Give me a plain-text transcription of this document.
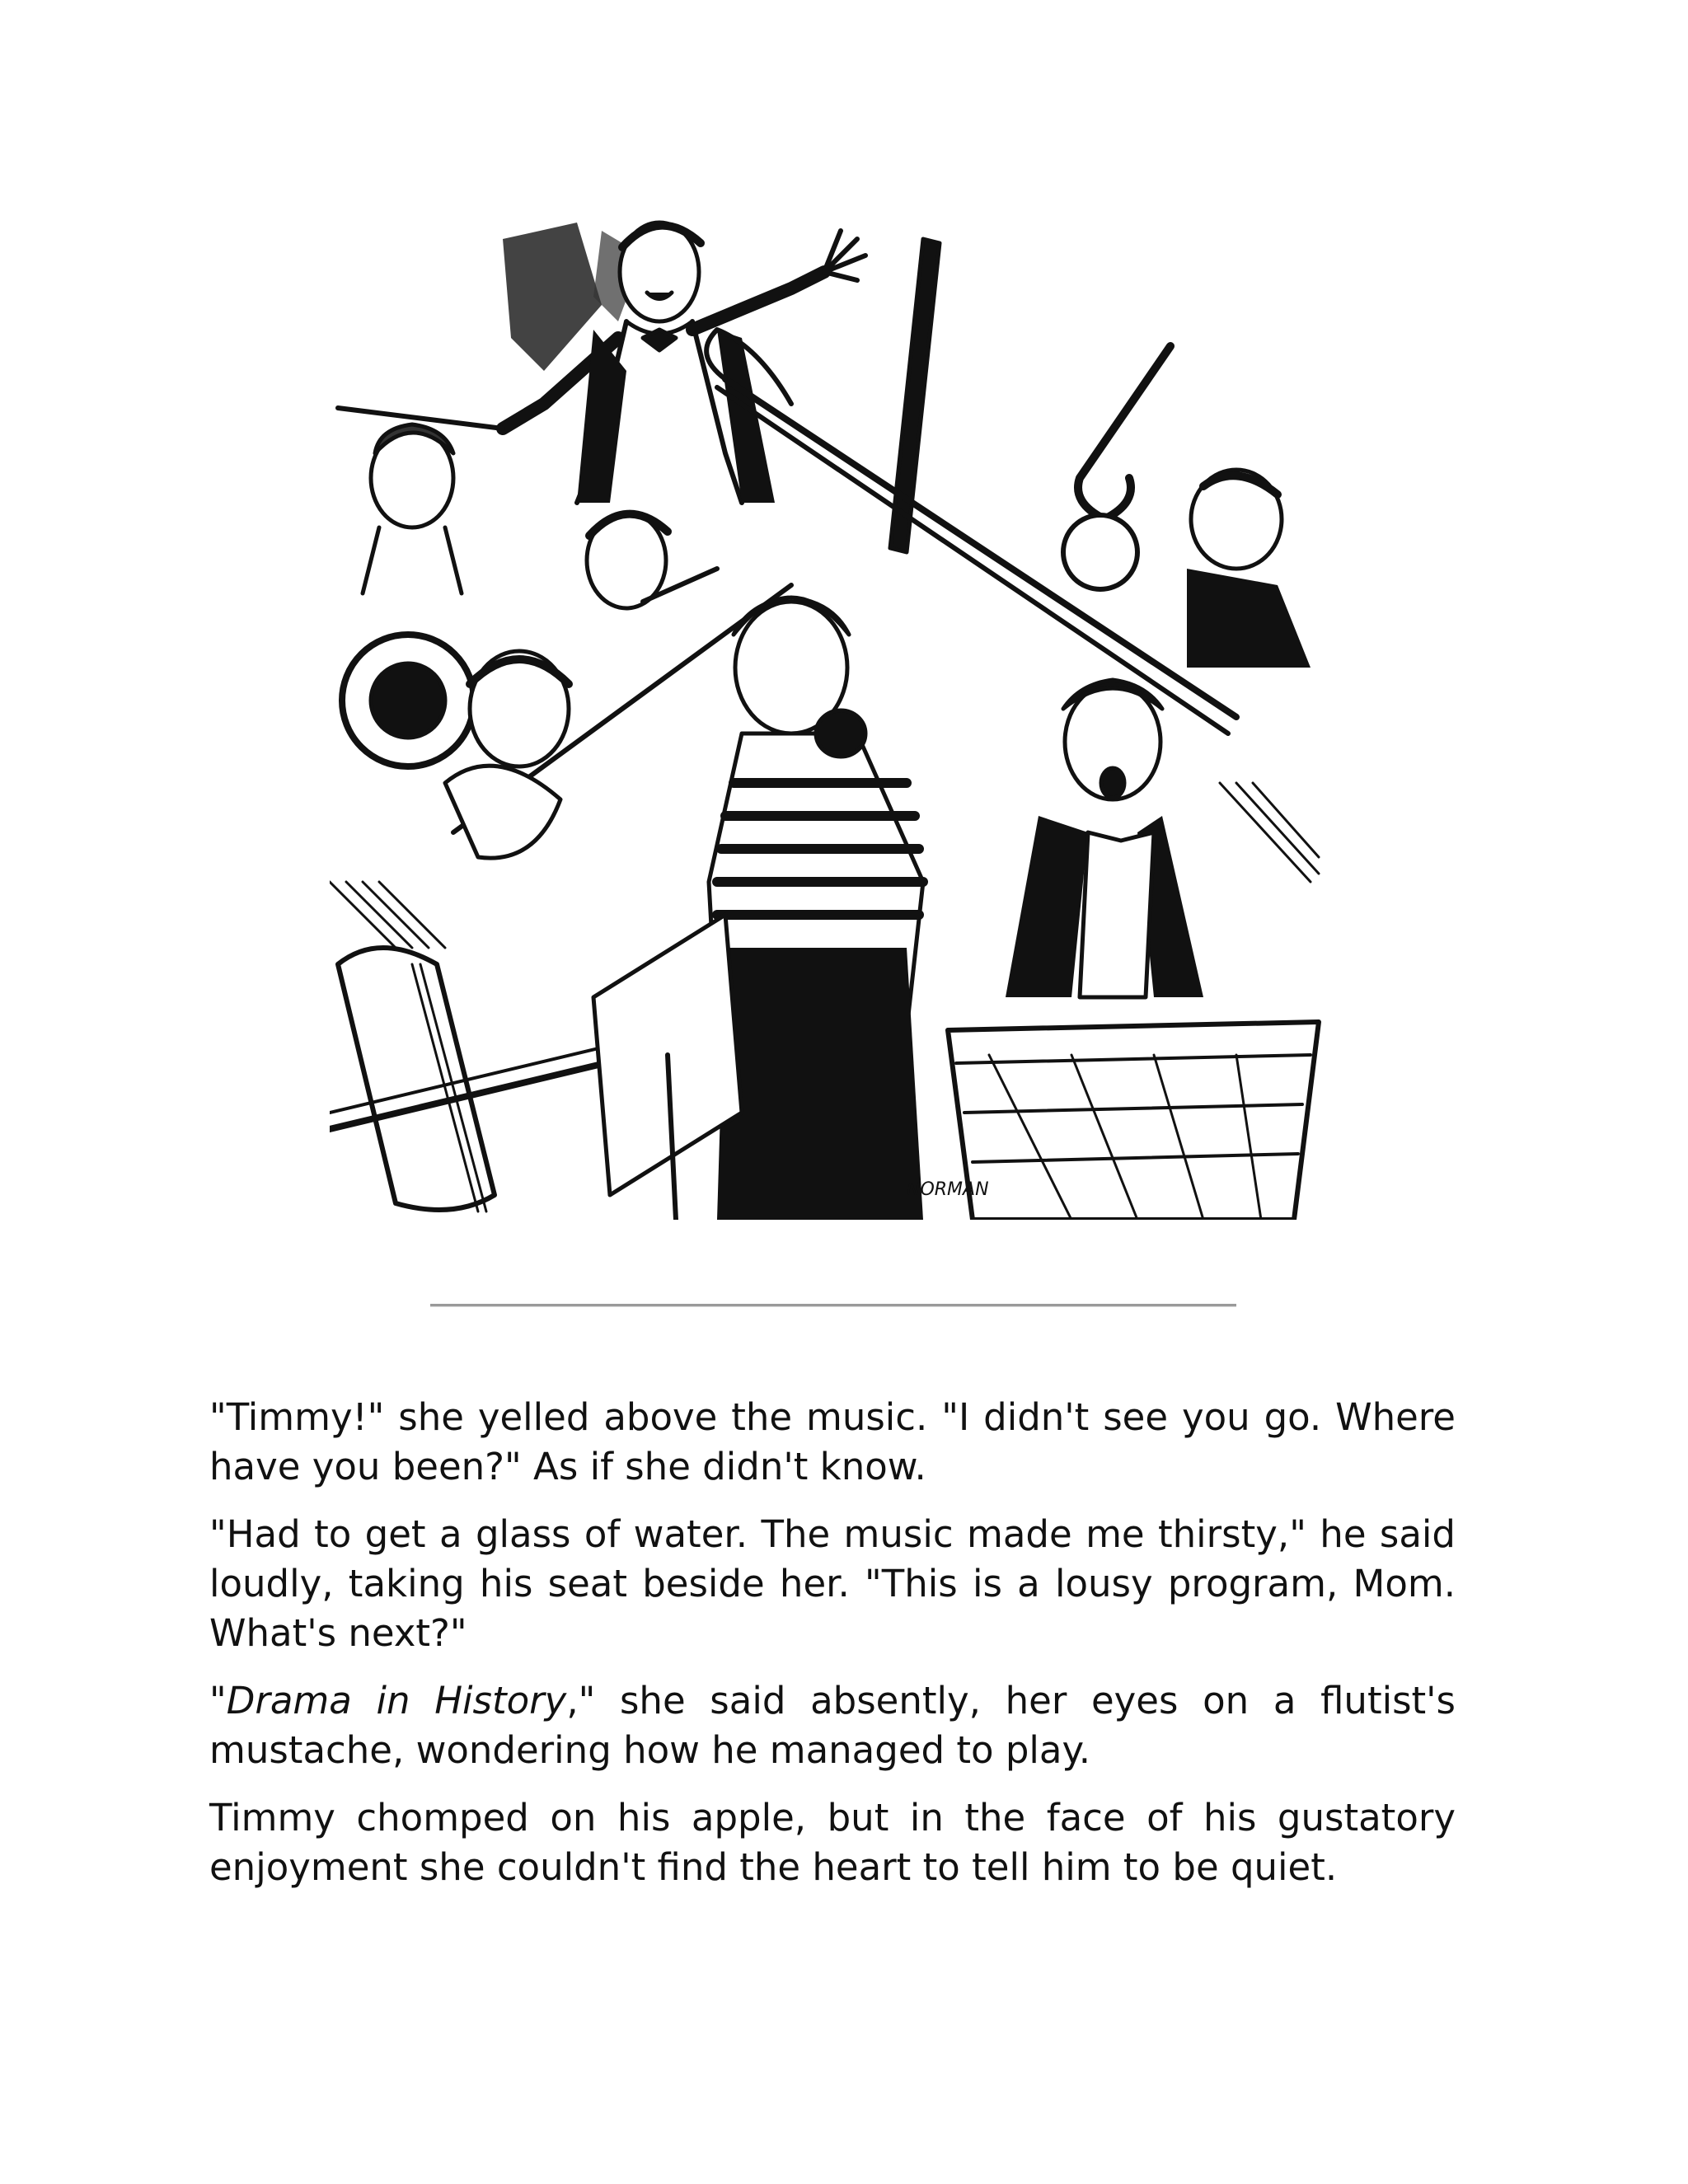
NORMAN

"Timmy!" she yelled above the music. "I didn't see you go. Where have you been?" As if she didn't know.

"Had to get a glass of water. The music made me thirsty," he said loudly, taking his seat beside her. "This is a lousy program, Mom. What's next?"

"Drama in History," she said absently, her eyes on a flutist's mustache, wondering how he managed to play.

Timmy chomped on his apple, but in the face of his gustatory enjoyment she couldn't find the heart to tell him to be quiet.
